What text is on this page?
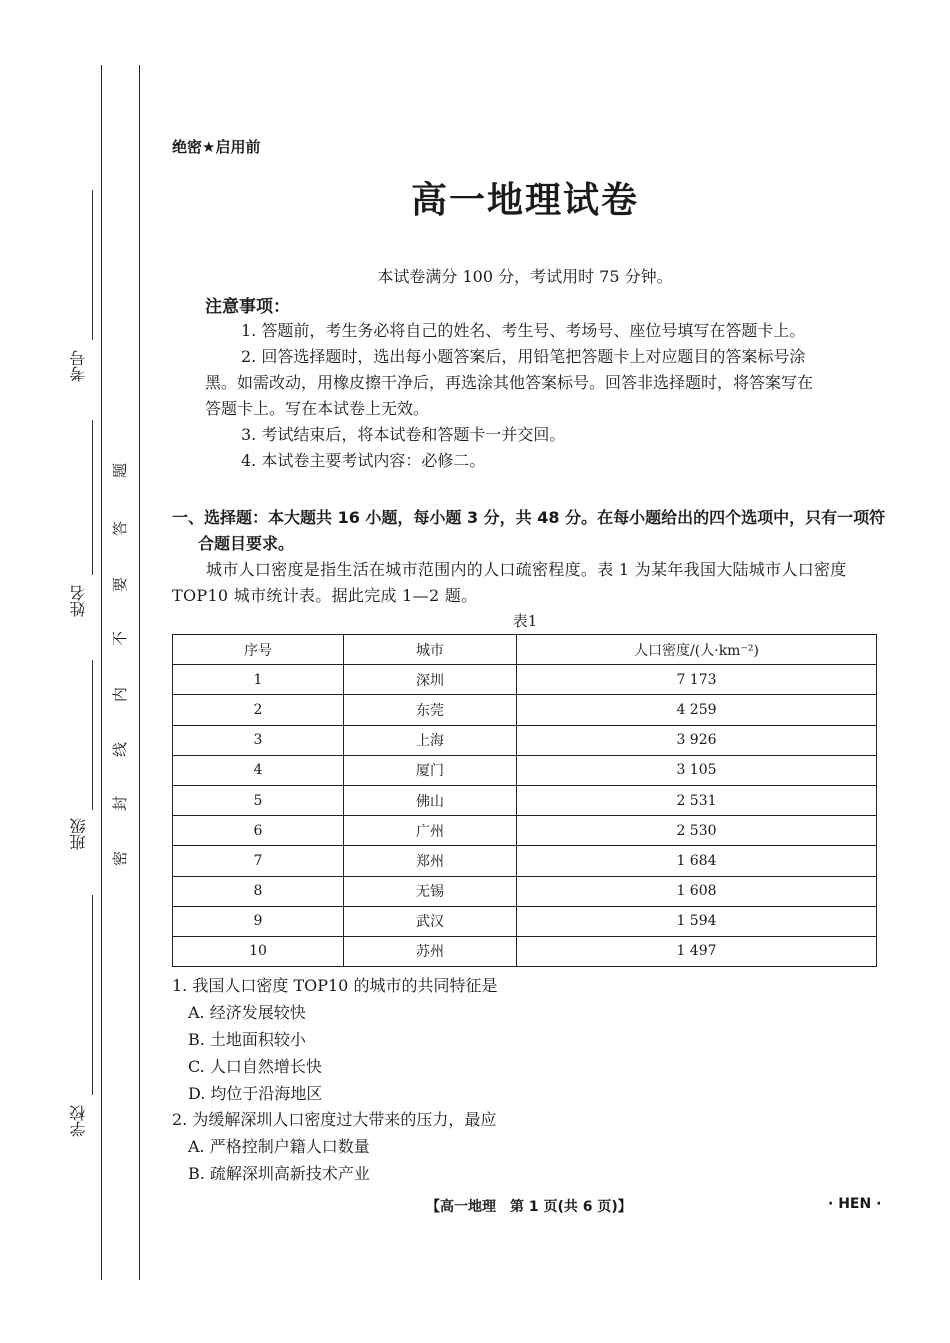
考号
姓名
班级
学校
题
答
要
不
内
线
封
密
绝密★启用前
高一地理试卷
本试卷满分 100 分，考试用时 75 分钟。
注意事项：

1. 答题前，考生务必将自己的姓名、考生号、考场号、座位号填写在答题卡上。

2. 回答选择题时，选出每小题答案后，用铅笔把答题卡上对应题目的答案标号涂

黑。如需改动，用橡皮擦干净后，再选涂其他答案标号。回答非选择题时，将答案写在

答题卡上。写在本试卷上无效。

3. 考试结束后，将本试卷和答题卡一并交回。

4. 本试卷主要考试内容：必修二。

一、选择题：本大题共 16 小题，每小题 3 分，共 48 分。在每小题给出的四个选项中，只有一项符
合题目要求。
城市人口密度是指生活在城市范围内的人口疏密程度。表 1 为某年我国大陆城市人口密度 TOP10 城市统计表。据此完成 1—2 题。
表1
序号	城市	人口密度/(人·km⁻²)
1	深圳	7 173
2	东莞	4 259
3	上海	3 926
4	厦门	3 105
5	佛山	2 531
6	广州	2 530
7	郑州	1 684
8	无锡	1 608
9	武汉	1 594
10	苏州	1 497
1. 我国人口密度 TOP10 的城市的共同特征是
A. 经济发展较快
B. 土地面积较小
C. 人口自然增长快
D. 均位于沿海地区
2. 为缓解深圳人口密度过大带来的压力，最应
A. 严格控制户籍人口数量
B. 疏解深圳高新技术产业
【高一地理　第 1 页(共 6 页)】	· HEN ·
